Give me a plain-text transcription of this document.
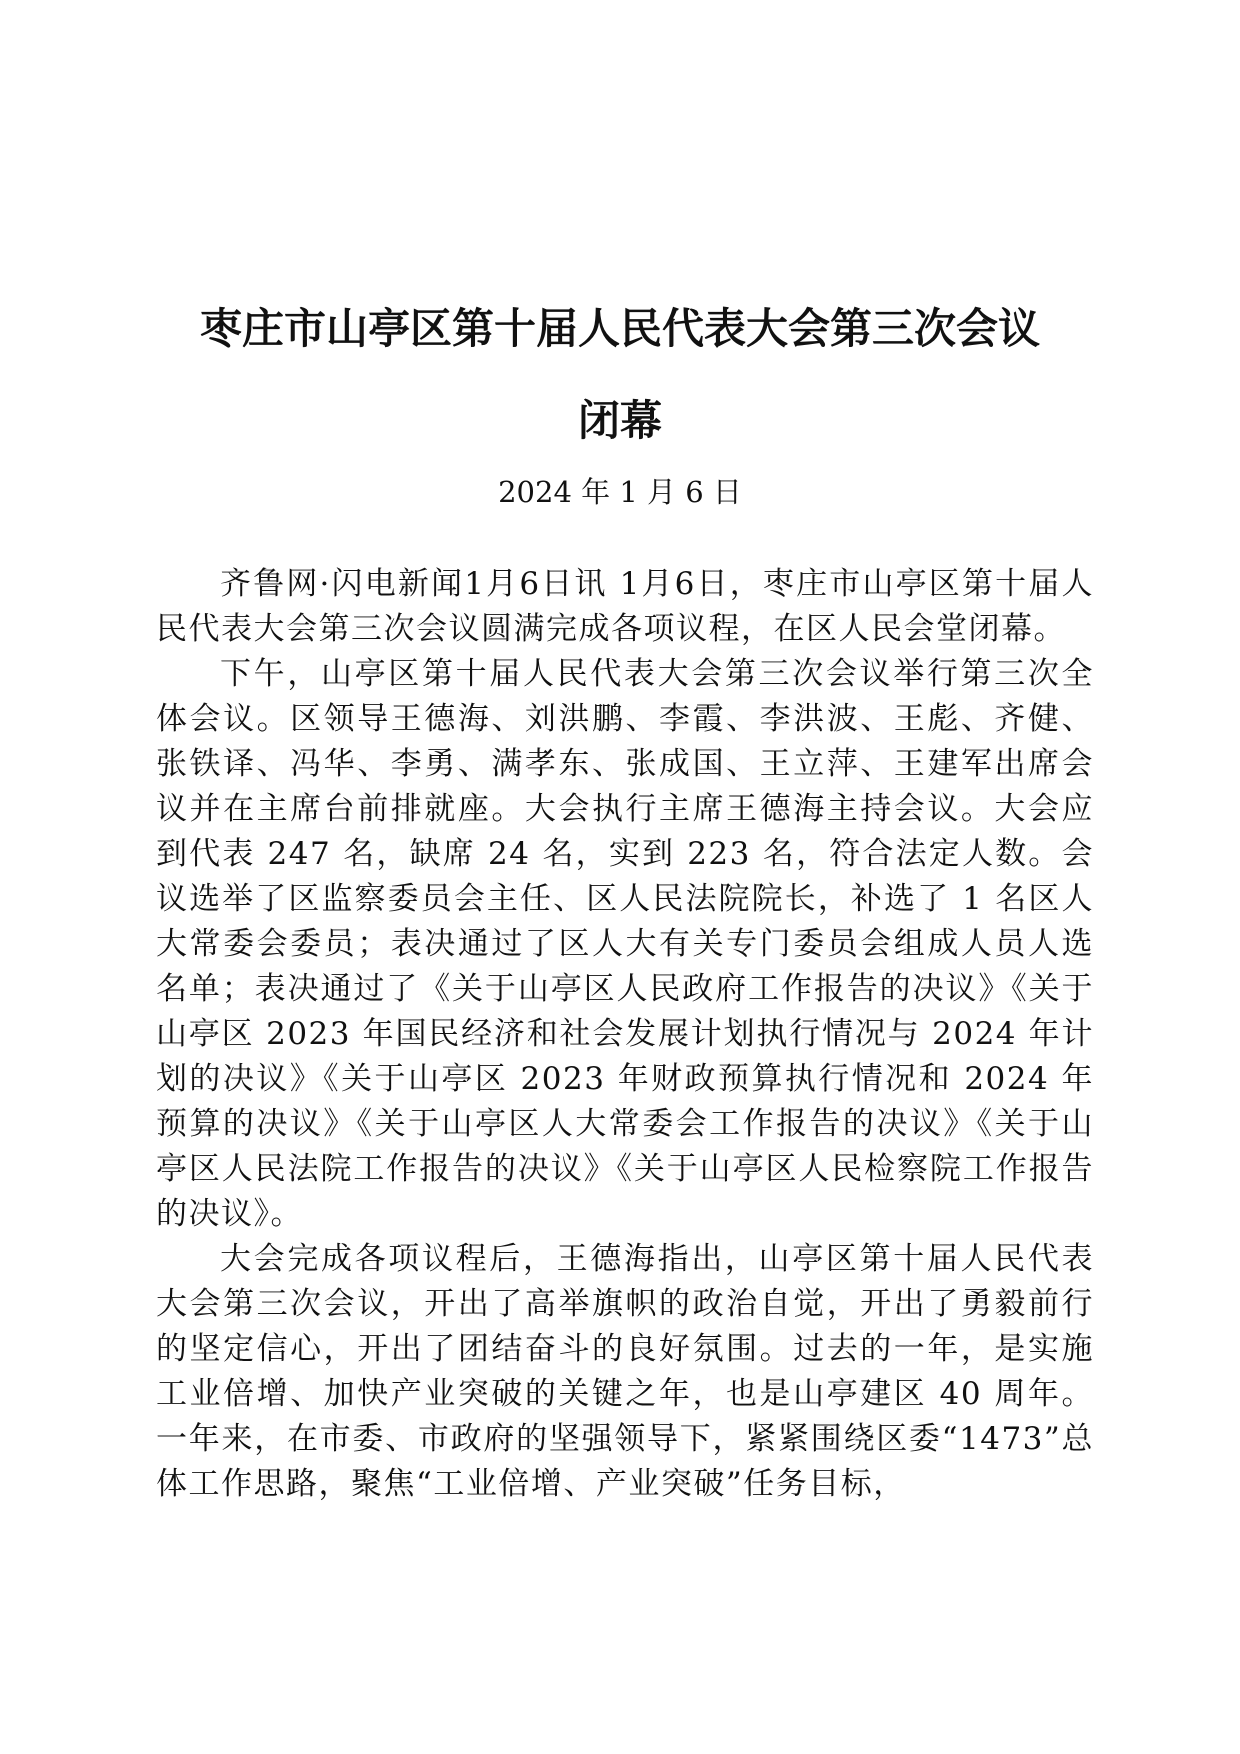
枣庄市山亭区第十届人民代表大会第三次会议
闭幕

2024 年 1 月 6 日

齐鲁网·闪电新闻1月6日讯 1月6日，枣庄市山亭区第十届人民代表大会第三次会议圆满完成各项议程，在区人民会堂闭幕。

下午，山亭区第十届人民代表大会第三次会议举行第三次全体会议。区领导王德海、刘洪鹏、李霞、李洪波、王彪、齐健、张铁译、冯华、李勇、满孝东、张成国、王立萍、王建军出席会议并在主席台前排就座。大会执行主席王德海主持会议。大会应到代表 247 名，缺席 24 名，实到 223 名，符合法定人数。会议选举了区监察委员会主任、区人民法院院长，补选了 1 名区人大常委会委员；表决通过了区人大有关专门委员会组成人员人选名单；表决通过了《关于山亭区人民政府工作报告的决议》《关于山亭区 2023 年国民经济和社会发展计划执行情况与 2024 年计划的决议》《关于山亭区 2023 年财政预算执行情况和 2024 年预算的决议》《关于山亭区人大常委会工作报告的决议》《关于山亭区人民法院工作报告的决议》《关于山亭区人民检察院工作报告的决议》。

大会完成各项议程后，王德海指出，山亭区第十届人民代表大会第三次会议，开出了高举旗帜的政治自觉，开出了勇毅前行的坚定信心，开出了团结奋斗的良好氛围。过去的一年，是实施工业倍增、加快产业突破的关键之年，也是山亭建区 40 周年。一年来，在市委、市政府的坚强领导下，紧紧围绕区委“1473”总体工作思路，聚焦“工业倍增、产业突破”任务目标，
